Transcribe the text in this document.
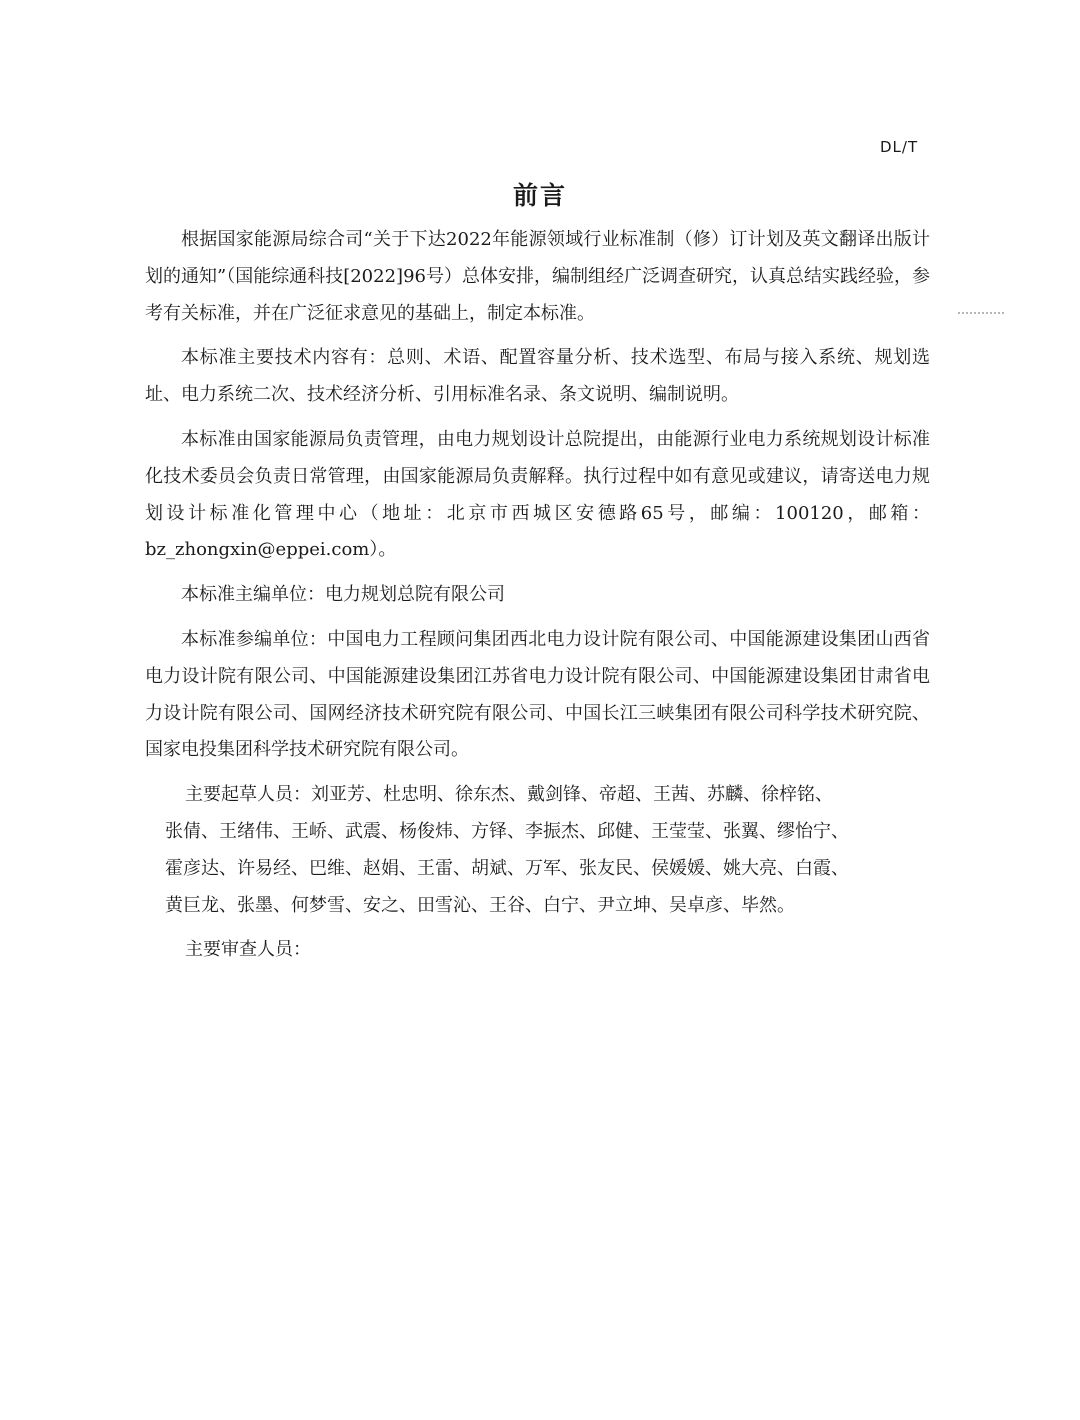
DL/T
前言

根据国家能源局综合司“关于下达2022年能源领域行业标准制（修）订计划及英文翻译出版计划的通知”（国能综通科技[2022]96号）总体安排，编制组经广泛调查研究，认真总结实践经验，参考有关标准，并在广泛征求意见的基础上，制定本标准。

本标准主要技术内容有：总则、术语、配置容量分析、技术选型、布局与接入系统、规划选址、电力系统二次、技术经济分析、引用标准名录、条文说明、编制说明。

本标准由国家能源局负责管理，由电力规划设计总院提出，由能源行业电力系统规划设计标准化技术委员会负责日常管理，由国家能源局负责解释。执行过程中如有意见或建议，请寄送电力规划设计标准化管理中心（地址：北京市西城区安德路65号，邮编：100120，邮箱：bz_zhongxin@eppei.com）。

本标准主编单位：电力规划总院有限公司

本标准参编单位：中国电力工程顾问集团西北电力设计院有限公司、中国能源建设集团山西省电力设计院有限公司、中国能源建设集团江苏省电力设计院有限公司、中国能源建设集团甘肃省电力设计院有限公司、国网经济技术研究院有限公司、中国长江三峡集团有限公司科学技术研究院、国家电投集团科学技术研究院有限公司。

主要起草人员：刘亚芳、杜忠明、徐东杰、戴剑锋、帝超、王茜、苏麟、徐梓铭、
张倩、王绪伟、王峤、武震、杨俊炜、方铎、李振杰、邱健、王莹莹、张翼、缪怡宁、
霍彦达、许易经、巴维、赵娟、王雷、胡斌、万军、张友民、侯媛媛、姚大亮、白霞、
黄巨龙、张墨、何梦雪、安之、田雪沁、王谷、白宁、尹立坤、吴卓彦、毕然。
主要审查人员：
